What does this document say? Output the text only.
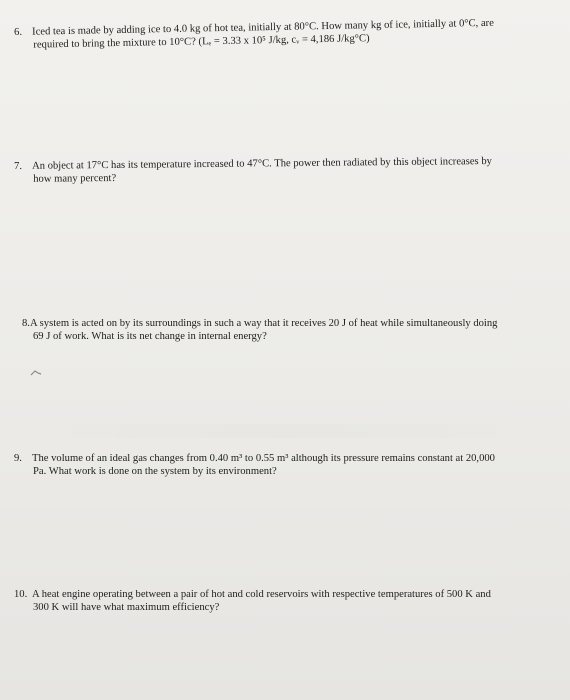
6. Iced tea is made by adding ice to 4.0 kg of hot tea, initially at 80°C. How many kg of ice, initially at 0°C, are
required to bring the mixture to 10°C? (Lₑ = 3.33 x 10⁵ J/kg, cᵥ = 4,186 J/kg°C)
7. An object at 17°C has its temperature increased to 47°C. The power then radiated by this object increases by
how many percent?
8.A system is acted on by its surroundings in such a way that it receives 20 J of heat while simultaneously doing
69 J of work. What is its net change in internal energy?
9. The volume of an ideal gas changes from 0.40 m³ to 0.55 m³ although its pressure remains constant at 20,000
Pa. What work is done on the system by its environment?
10. A heat engine operating between a pair of hot and cold reservoirs with respective temperatures of 500 K and
300 K will have what maximum efficiency?
